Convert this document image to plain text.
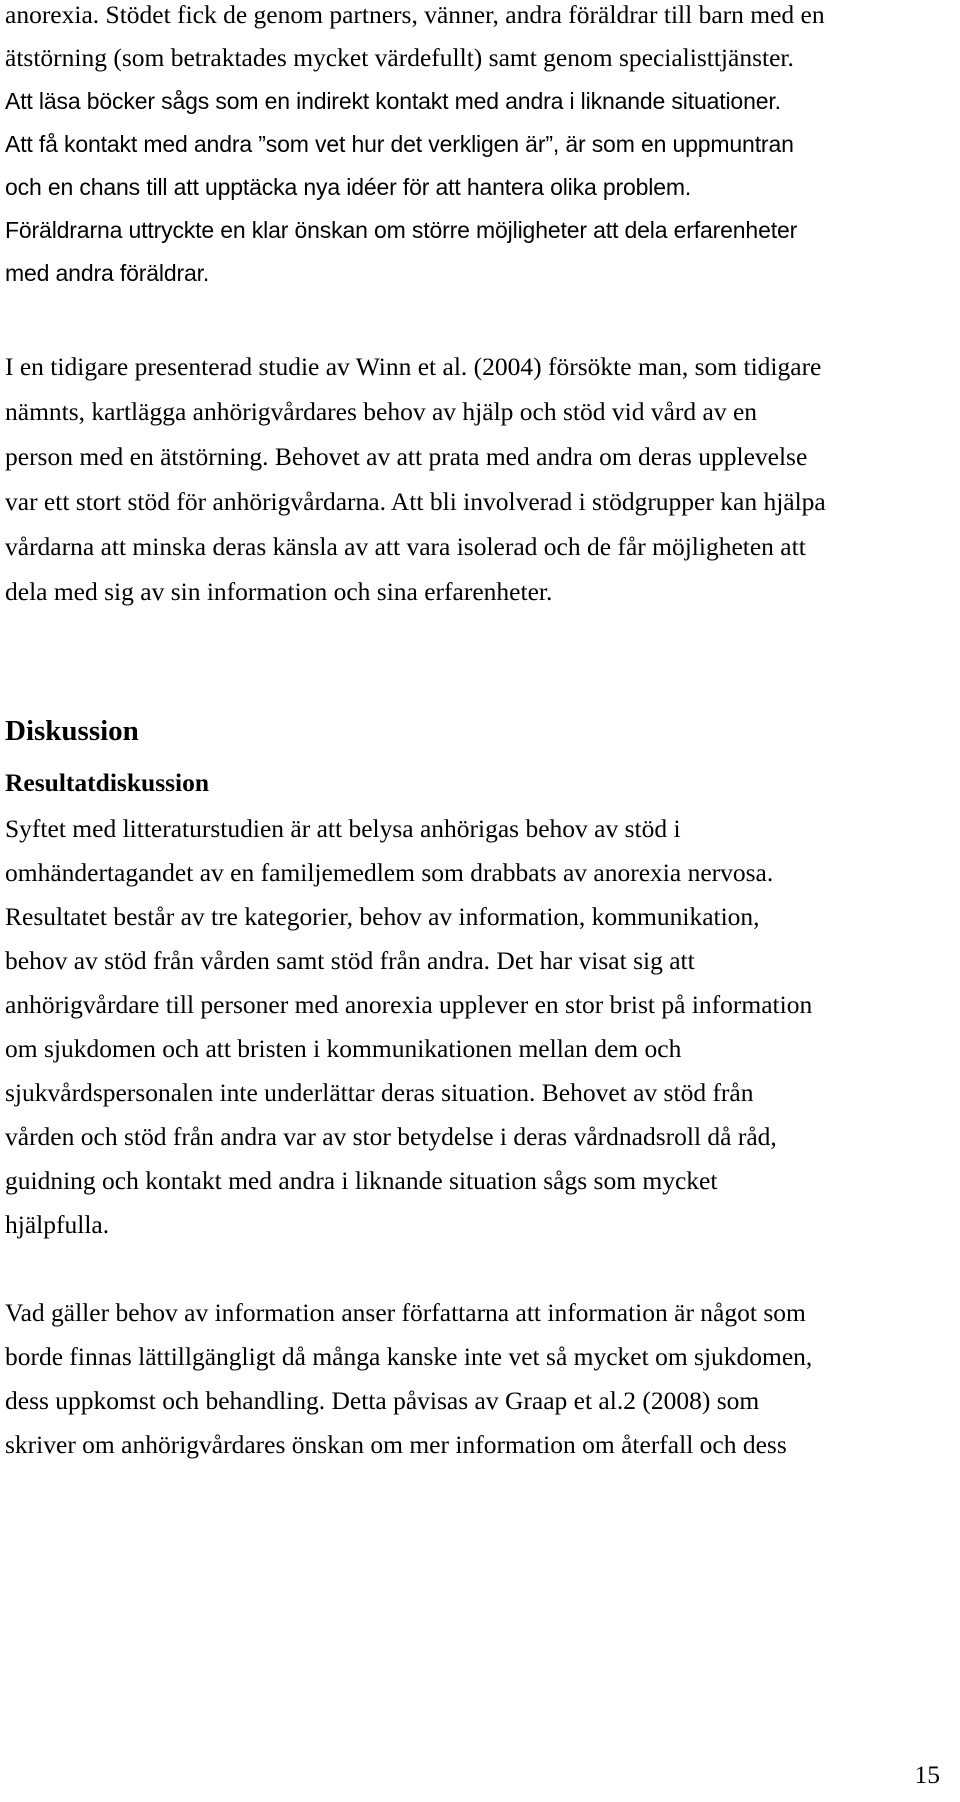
anorexia. Stödet fick de genom partners, vänner, andra föräldrar till barn med en
ätstörning (som betraktades mycket värdefullt) samt genom specialisttjänster.
Att läsa böcker sågs som en indirekt kontakt med andra i liknande situationer.
Att få kontakt med andra ”som vet hur det verkligen är”, är som en uppmuntran
och en chans till att upptäcka nya idéer för att hantera olika problem.
Föräldrarna uttryckte en klar önskan om större möjligheter att dela erfarenheter
med andra föräldrar.
I en tidigare presenterad studie av Winn et al. (2004) försökte man, som tidigare
nämnts, kartlägga anhörigvårdares behov av hjälp och stöd vid vård av en
person med en ätstörning. Behovet av att prata med andra om deras upplevelse
var ett stort stöd för anhörigvårdarna. Att bli involverad i stödgrupper kan hjälpa
vårdarna att minska deras känsla av att vara isolerad och de får möjligheten att
dela med sig av sin information och sina erfarenheter.
Diskussion
Resultatdiskussion
Syftet med litteraturstudien är att belysa anhörigas behov av stöd i
omhändertagandet av en familjemedlem som drabbats av anorexia nervosa.
Resultatet består av tre kategorier, behov av information, kommunikation,
behov av stöd från vården samt stöd från andra. Det har visat sig att
anhörigvårdare till personer med anorexia upplever en stor brist på information
om sjukdomen och att bristen i kommunikationen mellan dem och
sjukvårdspersonalen inte underlättar deras situation. Behovet av stöd från
vården och stöd från andra var av stor betydelse i deras vårdnadsroll då råd,
guidning och kontakt med andra i liknande situation sågs som mycket
hjälpfulla.
Vad gäller behov av information anser författarna att information är något som
borde finnas lättillgängligt då många kanske inte vet så mycket om sjukdomen,
dess uppkomst och behandling. Detta påvisas av Graap et al.2 (2008) som
skriver om anhörigvårdares önskan om mer information om återfall och dess
15
